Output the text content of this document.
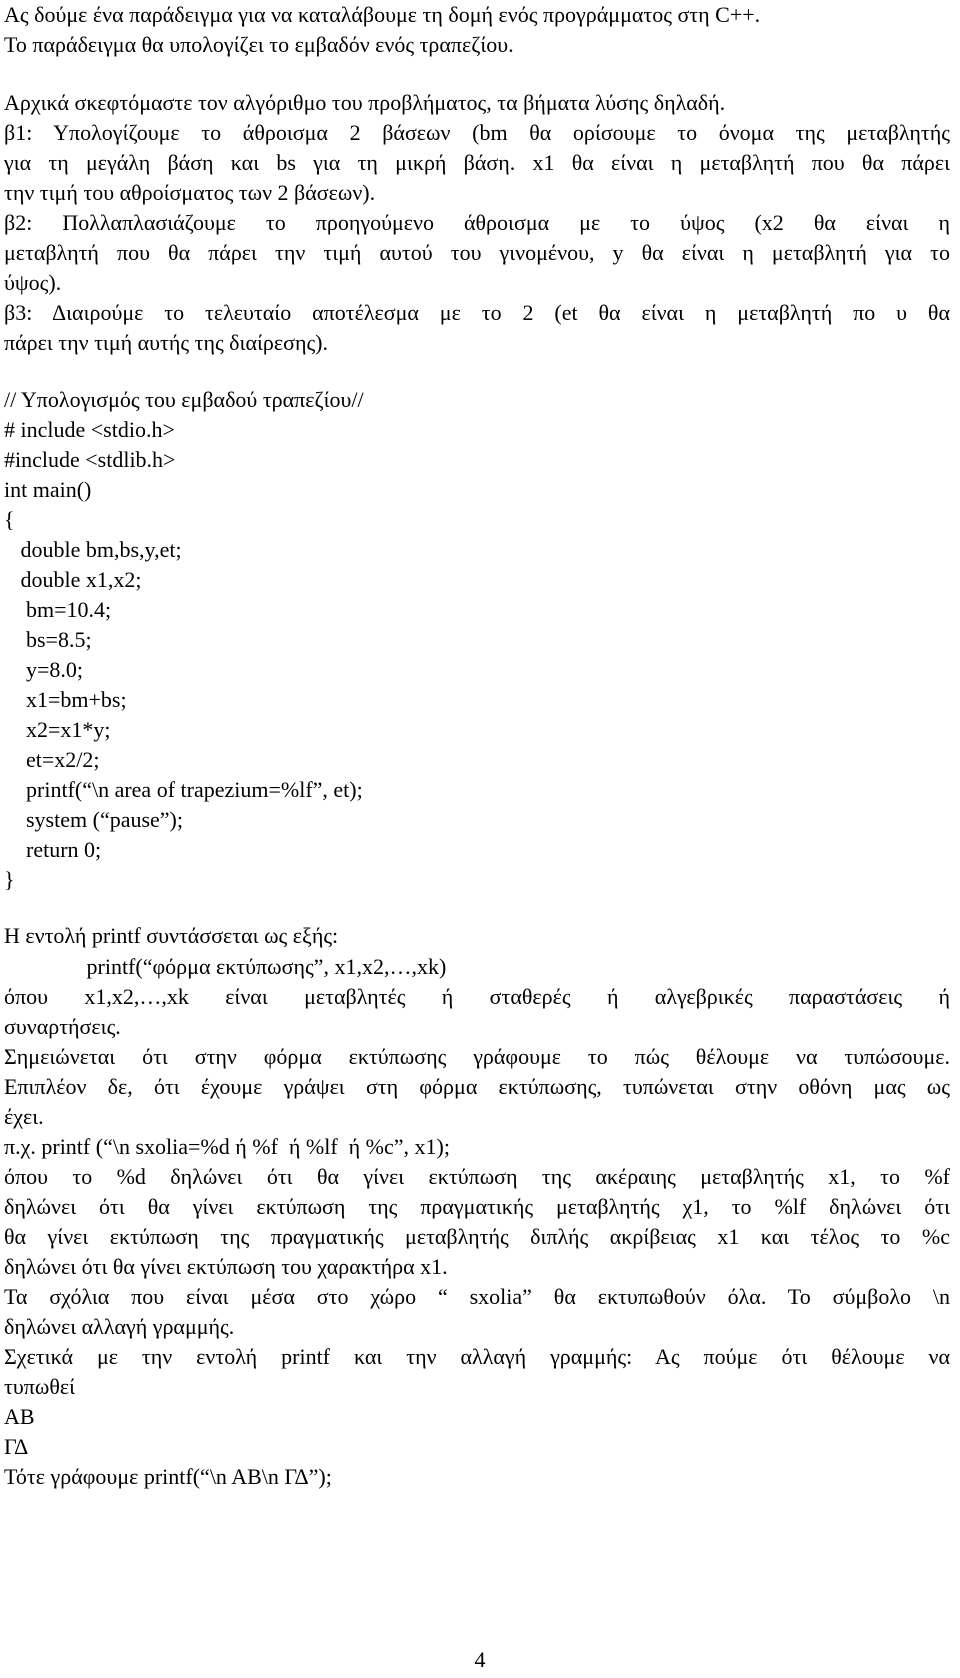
Ας δούμε ένα παράδειγμα για να καταλάβουμε τη δομή ενός προγράμματος στη C++.
Το παράδειγμα θα υπολογίζει το εμβαδόν ενός τραπεζίου.
Αρχικά σκεφτόμαστε τον αλγόριθμο του προβλήματος, τα βήματα λύσης δηλαδή.
β1: Υπολογίζουμε το άθροισμα 2 βάσεων (bm θα ορίσουμε το όνομα της μεταβλητής
για τη μεγάλη βάση και bs για τη μικρή βάση. x1 θα είναι η μεταβλητή που θα πάρει
την τιμή του αθροίσματος των 2 βάσεων).
β2: Πολλαπλασιάζουμε το προηγούμενο άθροισμα με το ύψος (x2 θα είναι η
μεταβλητή που θα πάρει την τιμή αυτού του γινομένου, y θα είναι η μεταβλητή για το
ύψος).
β3: Διαιρούμε το τελευταίο αποτέλεσμα με το 2 (et θα είναι η μεταβλητή πο υ θα
πάρει την τιμή αυτής της διαίρεσης).
// Υπολογισμός του εμβαδού τραπεζίου//
# include <stdio.h>
#include <stdlib.h>
int main()
{
double bm,bs,y,et;
double x1,x2;
bm=10.4;
bs=8.5;
y=8.0;
x1=bm+bs;
x2=x1*y;
et=x2/2;
printf(“\n area of trapezium=%lf”, et);
system (“pause”);
return 0;
}
Η εντολή printf συντάσσεται ως εξής:
printf(“φόρμα εκτύπωσης”, x1,x2,…,xk)
όπου x1,x2,…,xk είναι μεταβλητές ή σταθερές ή αλγεβρικές παραστάσεις ή
συναρτήσεις.
Σημειώνεται ότι στην φόρμα εκτύπωσης γράφουμε το πώς θέλουμε να τυπώσουμε.
Επιπλέον δε, ότι έχουμε γράψει στη φόρμα εκτύπωσης, τυπώνεται στην οθόνη μας ως
έχει.
π.χ. printf (“\n sxolia=%d ή %f  ή %lf  ή %c”, x1);
όπου το %d δηλώνει ότι θα γίνει εκτύπωση της ακέραιης μεταβλητής x1, το %f
δηλώνει ότι θα γίνει εκτύπωση της πραγματικής μεταβλητής χ1, το %lf δηλώνει ότι
θα γίνει εκτύπωση της πραγματικής μεταβλητής διπλής ακρίβειας x1 και τέλος το %c
δηλώνει ότι θα γίνει εκτύπωση του χαρακτήρα x1.
Τα σχόλια που είναι μέσα στο χώρο “ sxolia” θα εκτυπωθούν όλα. Το σύμβολο \n
δηλώνει αλλαγή γραμμής.
Σχετικά με την εντολή printf και την αλλαγή γραμμής: Ας πούμε ότι θέλουμε να
τυπωθεί
ΑΒ
ΓΔ
Τότε γράφουμε printf(“\n AB\n ΓΔ”);
4
